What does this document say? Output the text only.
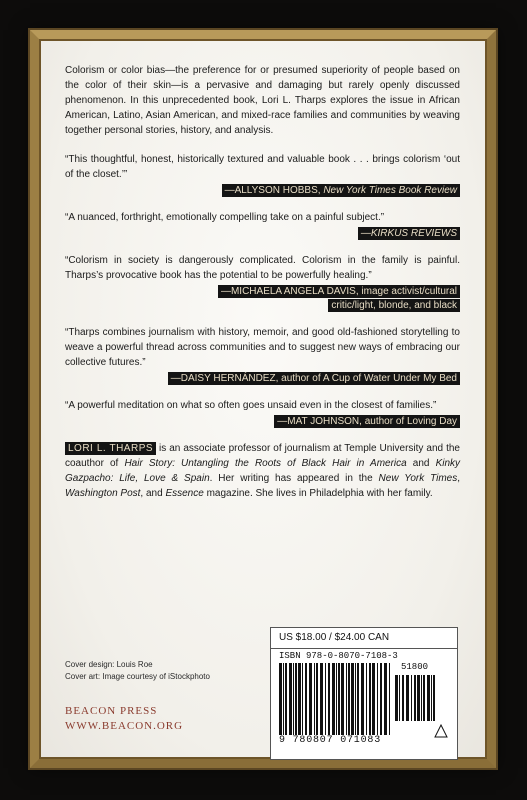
Colorism or color bias—the preference for or presumed superiority of people based on the color of their skin—is a pervasive and damaging but rarely openly discussed phenomenon. In this unprecedented book, Lori L. Tharps explores the issue in African American, Latino, Asian American, and mixed-race families and communities by weaving together personal stories, history, and analysis.

“This thoughtful, honest, historically textured and valuable book . . . brings colorism ‘out of the closet.’”

—ALLYSON HOBBS, New York Times Book Review

“A nuanced, forthright, emotionally compelling take on a painful subject.”

—KIRKUS REVIEWS

“Colorism in society is dangerously complicated. Colorism in the family is painful. Tharps’s provocative book has the potential to be powerfully healing.”

—MICHAELA ANGELA DAVIS, image activist/cultural critic/light, blonde, and black

“Tharps combines journalism with history, memoir, and good old-fashioned storytelling to weave a powerful thread across communities and to suggest new ways of embracing our collective futures.”

—DAISY HERNÁNDEZ, author of A Cup of Water Under My Bed

“A powerful meditation on what so often goes unsaid even in the closest of families.”

—MAT JOHNSON, author of Loving Day

LORI L. THARPS is an associate professor of journalism at Temple University and the coauthor of Hair Story: Untangling the Roots of Black Hair in America and Kinky Gazpacho: Life, Love & Spain. Her writing has appeared in the New York Times, Washington Post, and Essence magazine. She lives in Philadelphia with her family.

Cover design: Louis Roe
Cover art: Image courtesy of iStockphoto
BEACON PRESS
WWW.BEACON.ORG
US $18.00 / $24.00 CAN
ISBN 978-0-8070-7108-3
51800
9 780807 071083
